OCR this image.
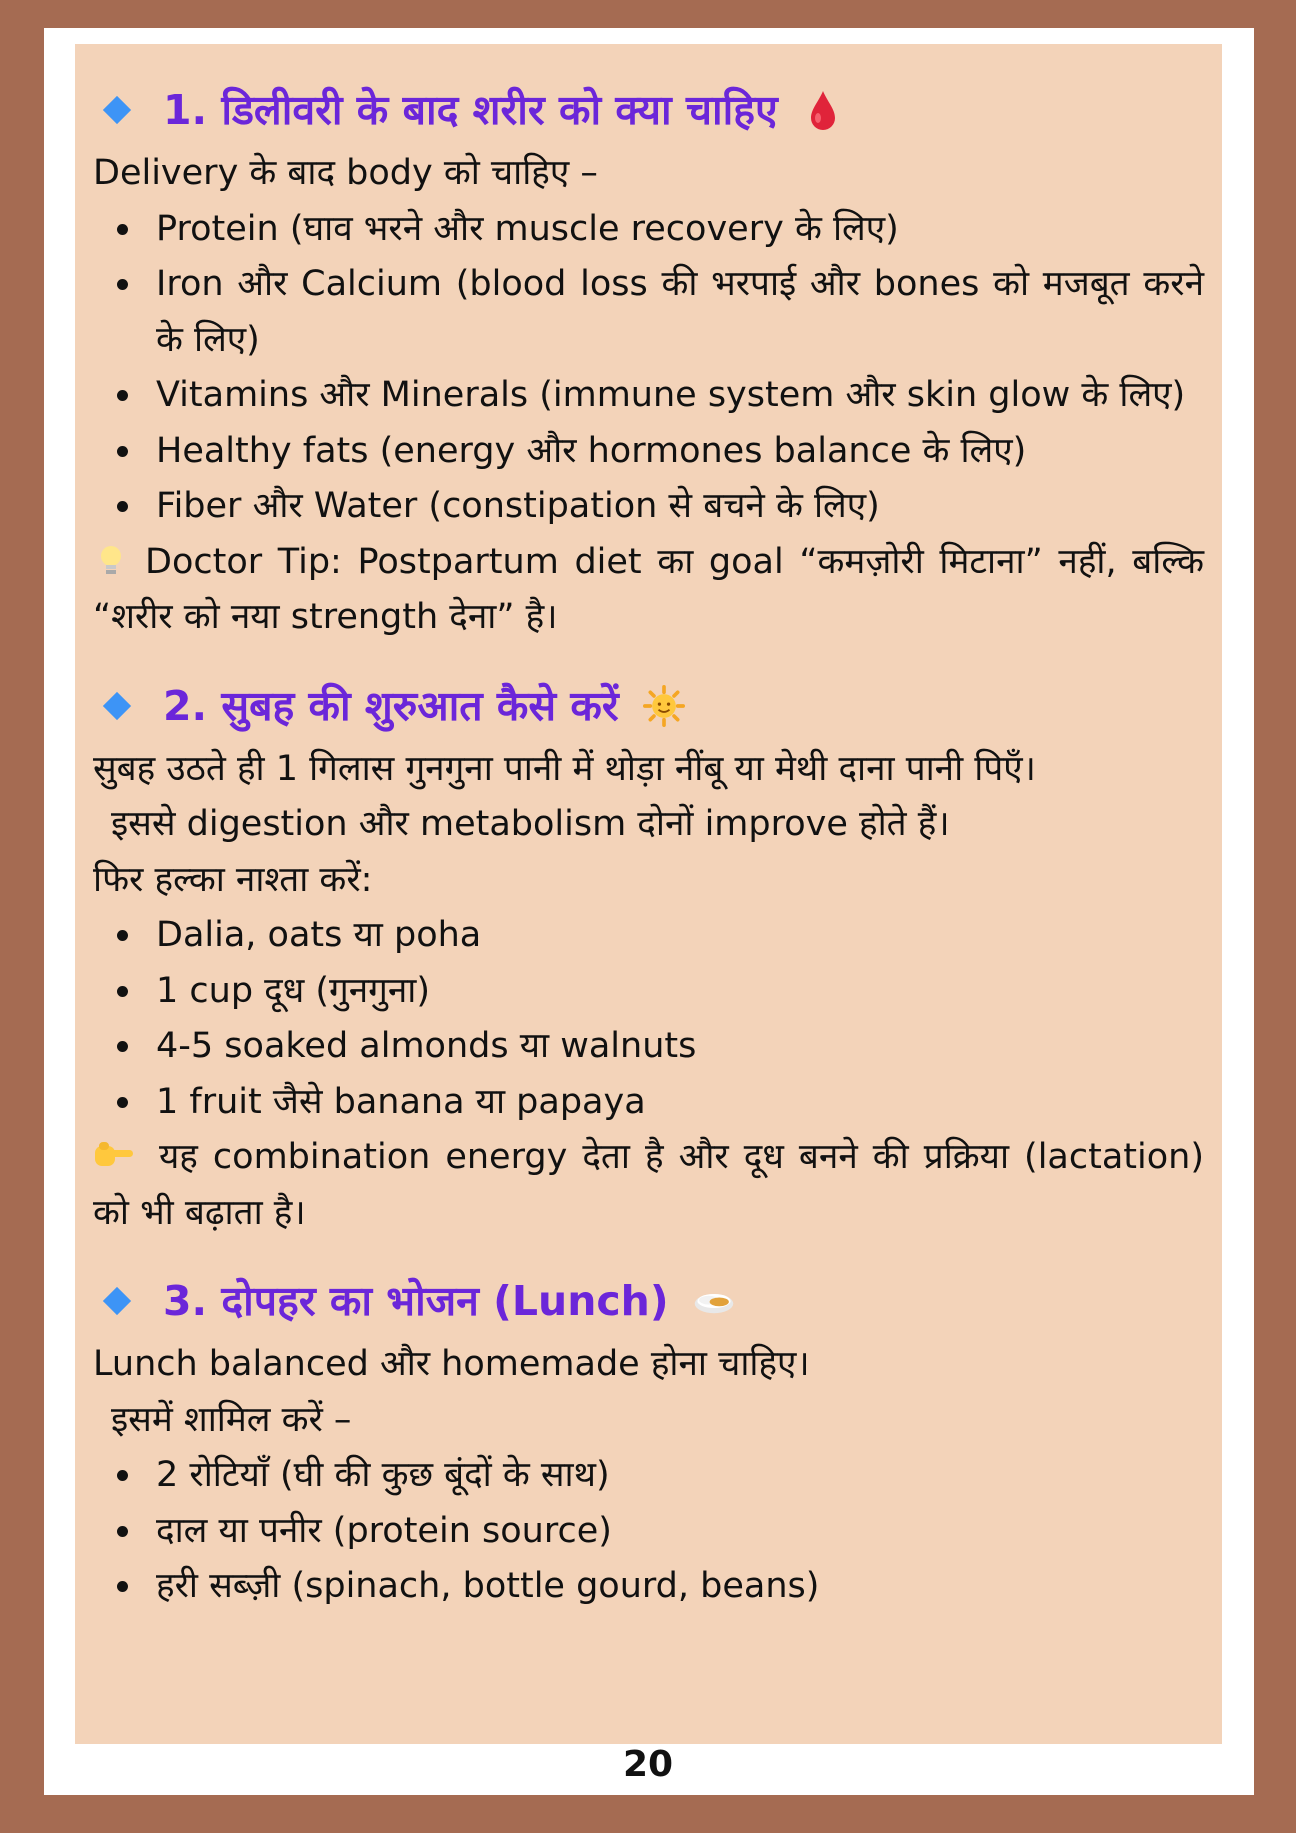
1. डिलीवरी के बाद शरीर को क्या चाहिए

Delivery के बाद body को चाहिए –

Protein (घाव भरने और muscle recovery के लिए)
Iron और Calcium (blood loss की भरपाई और bones को मजबूत करने के लिए)
Vitamins और Minerals (immune system और skin glow के लिए)
Healthy fats (energy और hormones balance के लिए)
Fiber और Water (constipation से बचने के लिए)

Doctor Tip: Postpartum diet का goal “कमज़ोरी मिटाना” नहीं, बल्कि “शरीर को नया strength देना” है।

2. सुबह की शुरुआत कैसे करें

सुबह उठते ही 1 गिलास गुनगुना पानी में थोड़ा नींबू या मेथी दाना पानी पिएँ।

इससे digestion और metabolism दोनों improve होते हैं।

फिर हल्का नाश्ता करें:

Dalia, oats या poha
1 cup दूध (गुनगुना)
4-5 soaked almonds या walnuts
1 fruit जैसे banana या papaya

यह combination energy देता है और दूध बनने की प्रक्रिया (lactation) को भी बढ़ाता है।

3. दोपहर का भोजन (Lunch)

Lunch balanced और homemade होना चाहिए।

इसमें शामिल करें –

2 रोटियाँ (घी की कुछ बूंदों के साथ)
दाल या पनीर (protein source)
हरी सब्ज़ी (spinach, bottle gourd, beans)
20
